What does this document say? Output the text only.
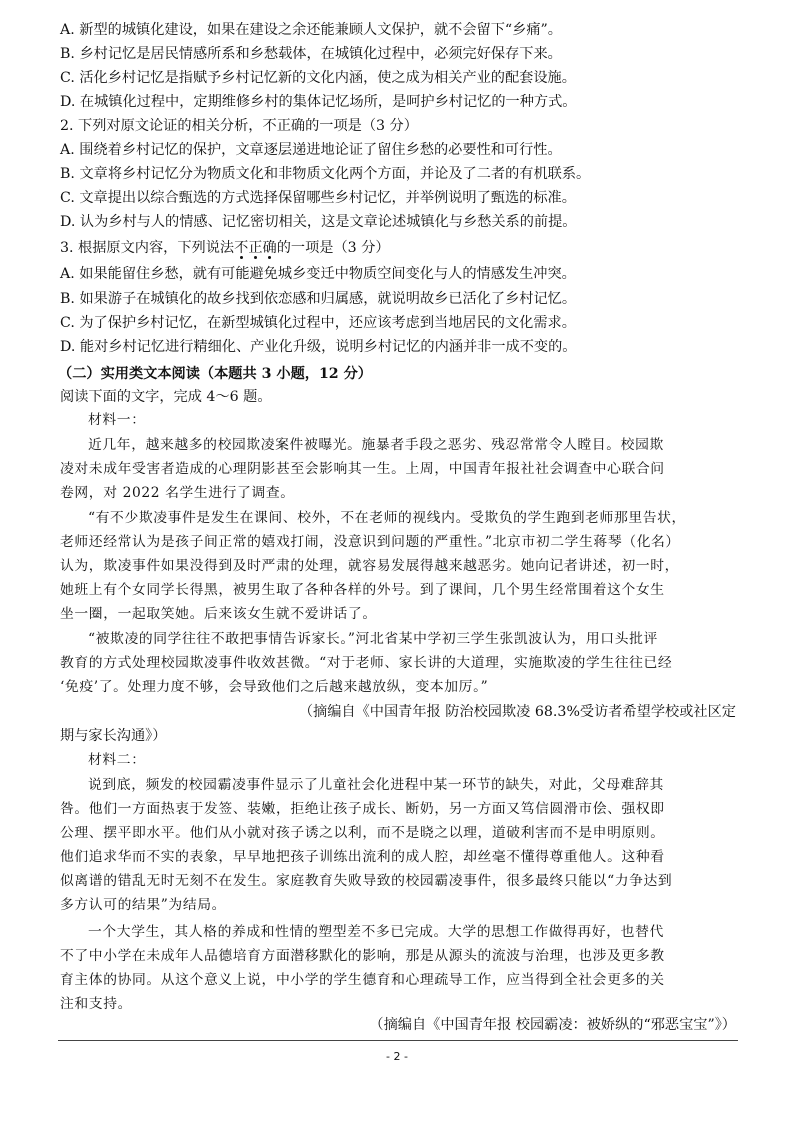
A. 新型的城镇化建设，如果在建设之余还能兼顾人文保护，就不会留下“乡痛”。
B. 乡村记忆是居民情感所系和乡愁载体，在城镇化过程中，必须完好保存下来。
C. 活化乡村记忆是指赋予乡村记忆新的文化内涵，使之成为相关产业的配套设施。
D. 在城镇化过程中，定期维修乡村的集体记忆场所，是呵护乡村记忆的一种方式。
2. 下列对原文论证的相关分析，不正确的一项是（3 分）
A. 围绕着乡村记忆的保护，文章逐层递进地论证了留住乡愁的必要性和可行性。
B. 文章将乡村记忆分为物质文化和非物质文化两个方面，并论及了二者的有机联系。
C. 文章提出以综合甄选的方式选择保留哪些乡村记忆，并举例说明了甄选的标准。
D. 认为乡村与人的情感、记忆密切相关，这是文章论述城镇化与乡愁关系的前提。
3. 根据原文内容，下列说法不正确的一项是（3 分）
A. 如果能留住乡愁，就有可能避免城乡变迁中物质空间变化与人的情感发生冲突。
B. 如果游子在城镇化的故乡找到依恋感和归属感，就说明故乡已活化了乡村记忆。
C. 为了保护乡村记忆，在新型城镇化过程中，还应该考虑到当地居民的文化需求。
D. 能对乡村记忆进行精细化、产业化升级，说明乡村记忆的内涵并非一成不变的。
（二）实用类文本阅读（本题共 3 小题，12 分）
阅读下面的文字，完成 4～6 题。
材料一：
近几年，越来越多的校园欺凌案件被曝光。施暴者手段之恶劣、残忍常常令人瞠目。校园欺
凌对未成年受害者造成的心理阴影甚至会影响其一生。上周，中国青年报社社会调查中心联合问
卷网，对 2022 名学生进行了调查。
“有不少欺凌事件是发生在课间、校外，不在老师的视线内。受欺负的学生跑到老师那里告状，
老师还经常认为是孩子间正常的嬉戏打闹，没意识到问题的严重性。”北京市初二学生蒋琴（化名）
认为，欺凌事件如果没得到及时严肃的处理，就容易发展得越来越恶劣。她向记者讲述，初一时，
她班上有个女同学长得黑，被男生取了各种各样的外号。到了课间，几个男生经常围着这个女生
坐一圈，一起取笑她。后来该女生就不爱讲话了。
“被欺凌的同学往往不敢把事情告诉家长。”河北省某中学初三学生张凯波认为，用口头批评
教育的方式处理校园欺凌事件收效甚微。“对于老师、家长讲的大道理，实施欺凌的学生往往已经
‘免疫’了。处理力度不够，会导致他们之后越来越放纵，变本加厉。”
（摘编自《中国青年报 防治校园欺凌 68.3%受访者希望学校或社区定
期与家长沟通》）
材料二：
说到底，频发的校园霸凌事件显示了儿童社会化进程中某一环节的缺失，对此，父母难辞其
咎。他们一方面热衷于发签、装嫩，拒绝让孩子成长、断奶，另一方面又笃信圆滑市侩、强权即
公理、摆平即水平。他们从小就对孩子诱之以利，而不是晓之以理，道破利害而不是申明原则。
他们追求华而不实的表象，早早地把孩子训练出流利的成人腔，却丝毫不懂得尊重他人。这种看
似离谱的错乱无时无刻不在发生。家庭教育失败导致的校园霸凌事件，很多最终只能以“力争达到
多方认可的结果”为结局。
一个大学生，其人格的养成和性情的塑型差不多已完成。大学的思想工作做得再好，也替代
不了中小学在未成年人品德培育方面潜移默化的影响，那是从源头的流波与治理，也涉及更多教
育主体的协同。从这个意义上说，中小学的学生德育和心理疏导工作，应当得到全社会更多的关
注和支持。
（摘编自《中国青年报 校园霸凌：被娇纵的“邪恶宝宝”》）
- 2 -
